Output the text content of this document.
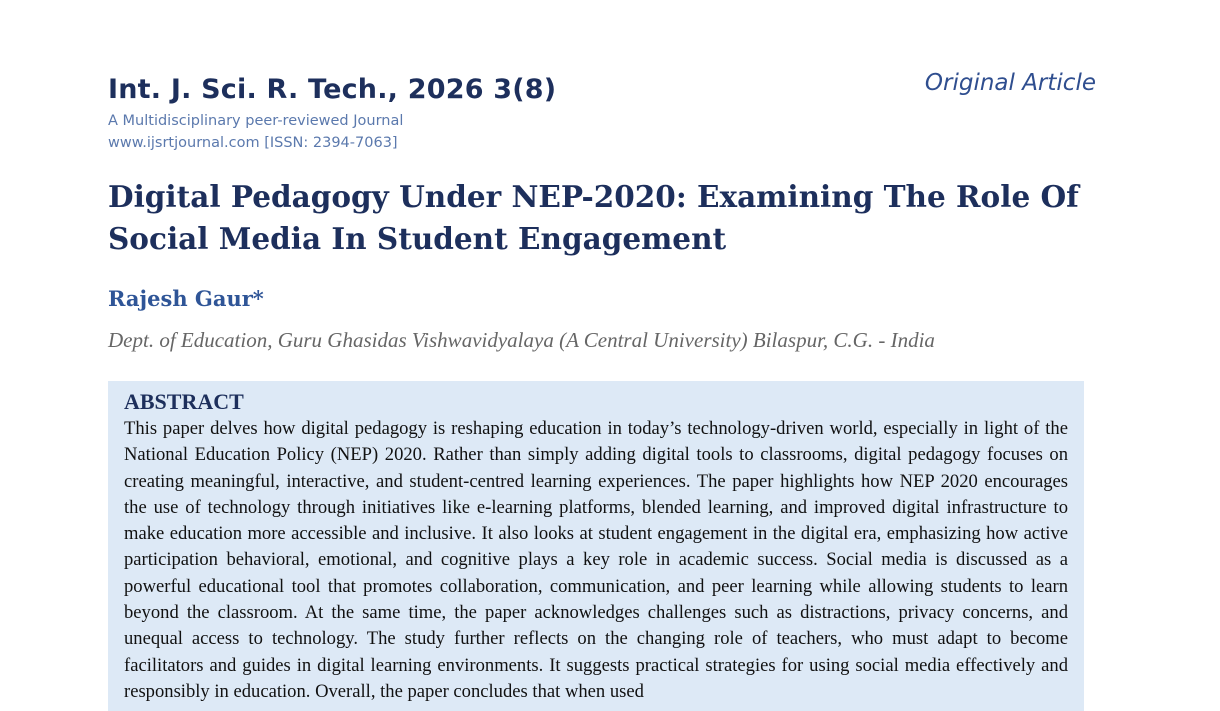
Int. J. Sci. R. Tech., 2026 3(8)	Original Article
A Multidisciplinary peer-reviewed Journal
www.ijsrtjournal.com [ISSN: 2394-7063]
Digital Pedagogy Under NEP-2020: Examining The Role Of Social Media In Student Engagement
Rajesh Gaur*
Dept. of Education, Guru Ghasidas Vishwavidyalaya (A Central University) Bilaspur, C.G. - India
ABSTRACT

This paper delves how digital pedagogy is reshaping education in today’s technology-driven world, especially in light of the National Education Policy (NEP) 2020. Rather than simply adding digital tools to classrooms, digital pedagogy focuses on creating meaningful, interactive, and student-centred learning experiences. The paper highlights how NEP 2020 encourages the use of technology through initiatives like e-learning platforms, blended learning, and improved digital infrastructure to make education more accessible and inclusive. It also looks at student engagement in the digital era, emphasizing how active participation behavioral, emotional, and cognitive plays a key role in academic success. Social media is discussed as a powerful educational tool that promotes collaboration, communication, and peer learning while allowing students to learn beyond the classroom. At the same time, the paper acknowledges challenges such as distractions, privacy concerns, and unequal access to technology. The study further reflects on the changing role of teachers, who must adapt to become facilitators and guides in digital learning environments. It suggests practical strategies for using social media effectively and responsibly in education. Overall, the paper concludes that when used
